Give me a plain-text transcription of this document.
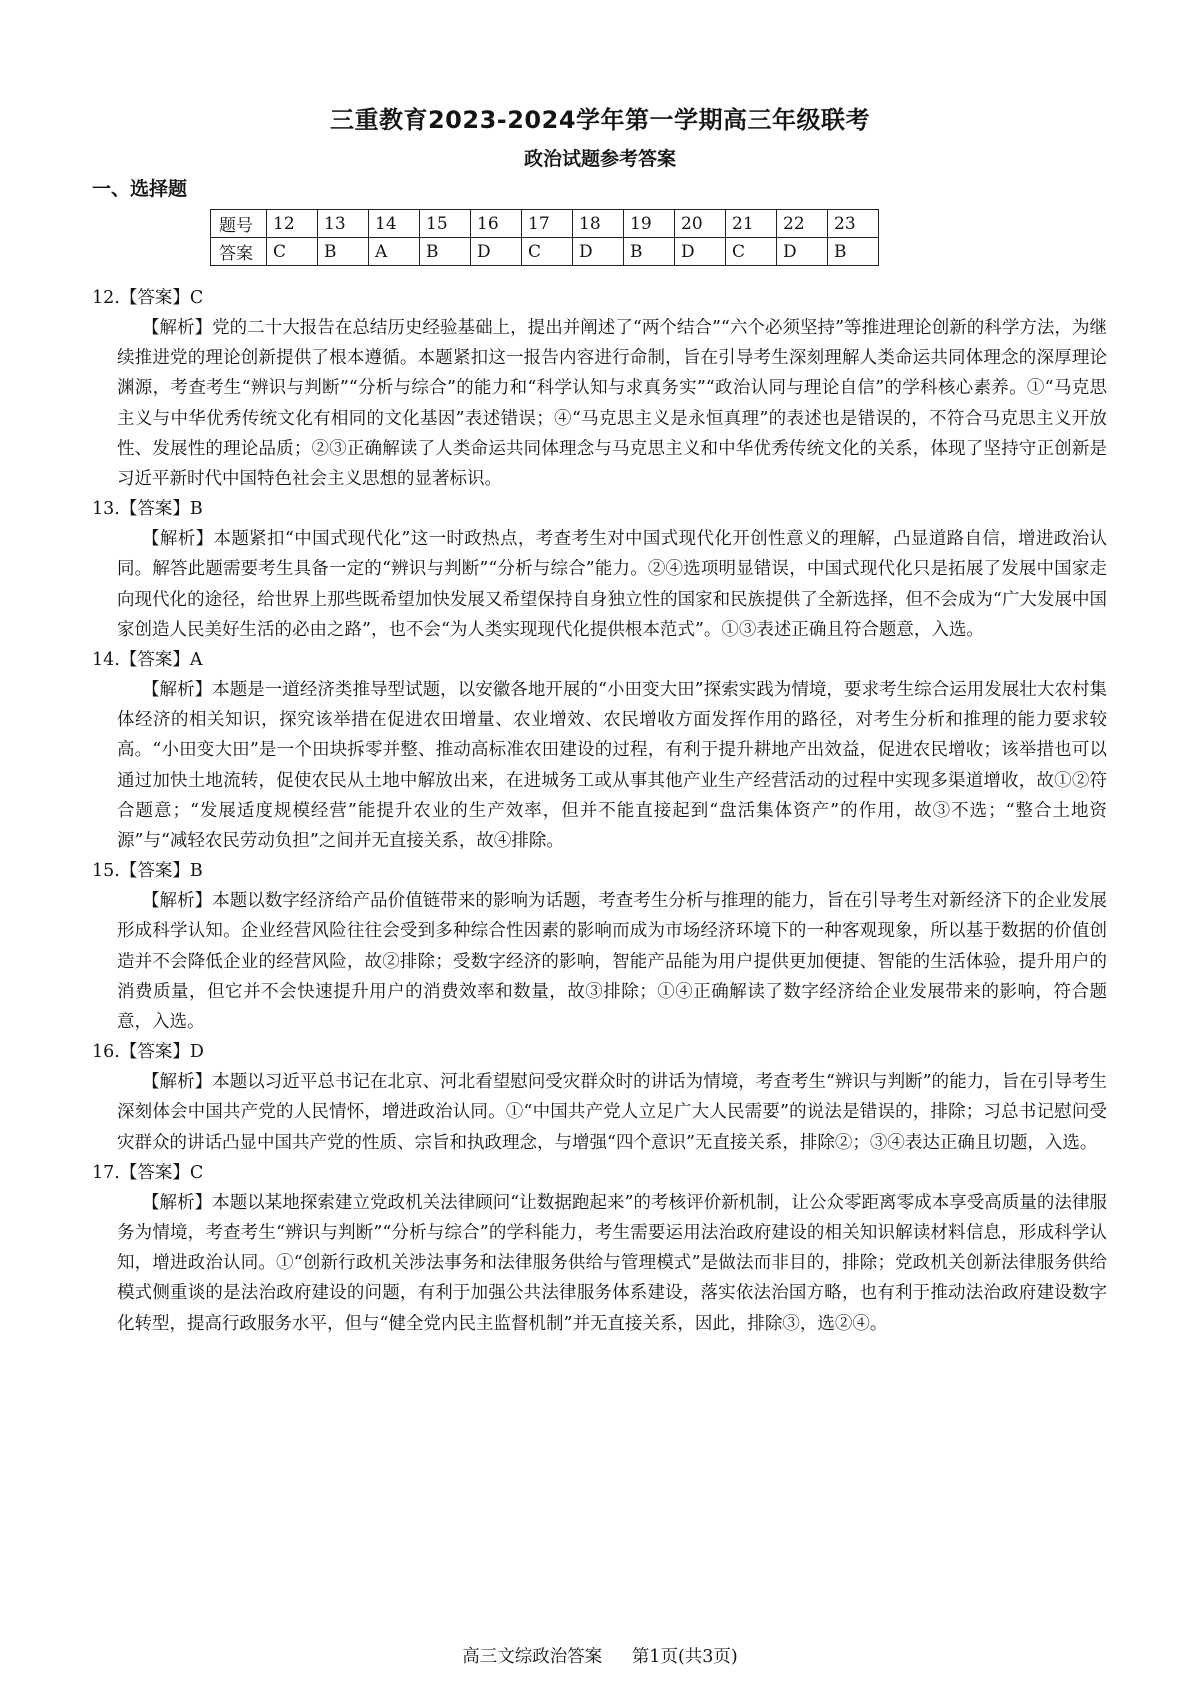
三重教育2023-2024学年第一学期高三年级联考
政治试题参考答案
一、选择题
题号	12	13	14	15	16	17	18	19	20	21	22	23
答案	C	B	A	B	D	C	D	B	D	C	D	B
12.【答案】C

【解析】党的二十大报告在总结历史经验基础上，提出并阐述了“两个结合”“六个必须坚持”等推进理论创新的科学方法，为继续推进党的理论创新提供了根本遵循。本题紧扣这一报告内容进行命制，旨在引导考生深刻理解人类命运共同体理念的深厚理论渊源，考查考生“辨识与判断”“分析与综合”的能力和“科学认知与求真务实”“政治认同与理论自信”的学科核心素养。①“马克思主义与中华优秀传统文化有相同的文化基因”表述错误；④“马克思主义是永恒真理”的表述也是错误的，不符合马克思主义开放性、发展性的理论品质；②③正确解读了人类命运共同体理念与马克思主义和中华优秀传统文化的关系，体现了坚持守正创新是习近平新时代中国特色社会主义思想的显著标识。

13.【答案】B

【解析】本题紧扣“中国式现代化”这一时政热点，考查考生对中国式现代化开创性意义的理解，凸显道路自信，增进政治认同。解答此题需要考生具备一定的“辨识与判断”“分析与综合”能力。②④选项明显错误，中国式现代化只是拓展了发展中国家走向现代化的途径，给世界上那些既希望加快发展又希望保持自身独立性的国家和民族提供了全新选择，但不会成为“广大发展中国家创造人民美好生活的必由之路”，也不会“为人类实现现代化提供根本范式”。①③表述正确且符合题意，入选。

14.【答案】A

【解析】本题是一道经济类推导型试题，以安徽各地开展的“小田变大田”探索实践为情境，要求考生综合运用发展壮大农村集体经济的相关知识，探究该举措在促进农田增量、农业增效、农民增收方面发挥作用的路径，对考生分析和推理的能力要求较高。“小田变大田”是一个田块拆零并整、推动高标准农田建设的过程，有利于提升耕地产出效益，促进农民增收；该举措也可以通过加快土地流转，促使农民从土地中解放出来，在进城务工或从事其他产业生产经营活动的过程中实现多渠道增收，故①②符合题意；“发展适度规模经营”能提升农业的生产效率，但并不能直接起到“盘活集体资产”的作用，故③不选；“整合土地资源”与“减轻农民劳动负担”之间并无直接关系，故④排除。

15.【答案】B

【解析】本题以数字经济给产品价值链带来的影响为话题，考查考生分析与推理的能力，旨在引导考生对新经济下的企业发展形成科学认知。企业经营风险往往会受到多种综合性因素的影响而成为市场经济环境下的一种客观现象，所以基于数据的价值创造并不会降低企业的经营风险，故②排除；受数字经济的影响，智能产品能为用户提供更加便捷、智能的生活体验，提升用户的消费质量，但它并不会快速提升用户的消费效率和数量，故③排除；①④正确解读了数字经济给企业发展带来的影响，符合题意，入选。

16.【答案】D

【解析】本题以习近平总书记在北京、河北看望慰问受灾群众时的讲话为情境，考查考生“辨识与判断”的能力，旨在引导考生深刻体会中国共产党的人民情怀，增进政治认同。①“中国共产党人立足广大人民需要”的说法是错误的，排除；习总书记慰问受灾群众的讲话凸显中国共产党的性质、宗旨和执政理念，与增强“四个意识”无直接关系，排除②；③④表达正确且切题，入选。

17.【答案】C

【解析】本题以某地探索建立党政机关法律顾问“让数据跑起来”的考核评价新机制，让公众零距离零成本享受高质量的法律服务为情境，考查考生“辨识与判断”“分析与综合”的学科能力，考生需要运用法治政府建设的相关知识解读材料信息，形成科学认知，增进政治认同。①“创新行政机关涉法事务和法律服务供给与管理模式”是做法而非目的，排除；党政机关创新法律服务供给模式侧重谈的是法治政府建设的问题，有利于加强公共法律服务体系建设，落实依法治国方略，也有利于推动法治政府建设数字化转型，提高行政服务水平，但与“健全党内民主监督机制”并无直接关系，因此，排除③，选②④。

高三文综政治答案 第1页(共3页)
